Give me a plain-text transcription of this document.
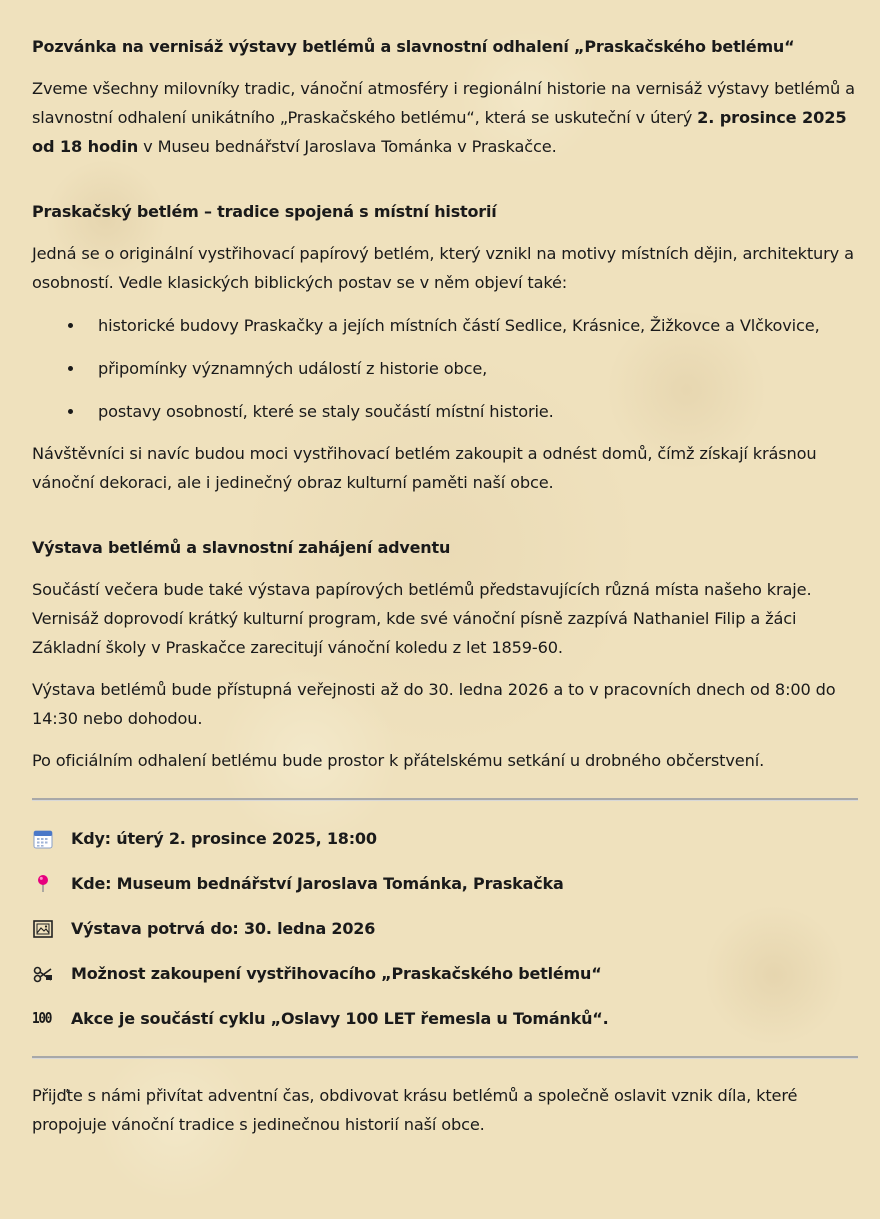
Pozvánka na vernisáž výstavy betlémů a slavnostní odhalení „Praskačského betlému“

Zveme všechny milovníky tradic, vánoční atmosféry i regionální historie na vernisáž výstavy betlémů a slavnostní odhalení unikátního „Praskačského betlému“, která se uskuteční v úterý 2. prosince 2025 od 18 hodin v Museu bednářství Jaroslava Tománka v Praskačce.

Praskačský betlém – tradice spojená s místní historií

Jedná se o originální vystřihovací papírový betlém, který vznikl na motivy místních dějin, architektury a osobností. Vedle klasických biblických postav se v něm objeví také:

historické budovy Praskačky a jejích místních částí Sedlice, Krásnice, Žižkovce a Vlčkovice,
připomínky významných událostí z historie obce,
postavy osobností, které se staly součástí místní historie.

Návštěvníci si navíc budou moci vystřihovací betlém zakoupit a odnést domů, čímž získají krásnou vánoční dekoraci, ale i jedinečný obraz kulturní paměti naší obce.

Výstava betlémů a slavnostní zahájení adventu

Součástí večera bude také výstava papírových betlémů představujících různá místa našeho kraje. Vernisáž doprovodí krátký kulturní program, kde své vánoční písně zazpívá Nathaniel Filip a žáci Základní školy v Praskačce zarecitují vánoční koledu z let 1859-60.

Výstava betlémů bude přístupná veřejnosti až do 30. ledna 2026 a to v pracovních dnech od 8:00 do 14:30 nebo dohodou.

Po oficiálním odhalení betlému bude prostor k přátelskému setkání u drobného občerstvení.

Kdy: úterý 2. prosince 2025, 18:00
Kde: Museum bednářství Jaroslava Tománka, Praskačka
Výstava potrvá do: 30. ledna 2026
Možnost zakoupení vystřihovacího „Praskačského betlému“
100 Akce je součástí cyklu „Oslavy 100 LET řemesla u Tománků“.

Přijďte s námi přivítat adventní čas, obdivovat krásu betlémů a společně oslavit vznik díla, které propojuje vánoční tradice s jedinečnou historií naší obce.
